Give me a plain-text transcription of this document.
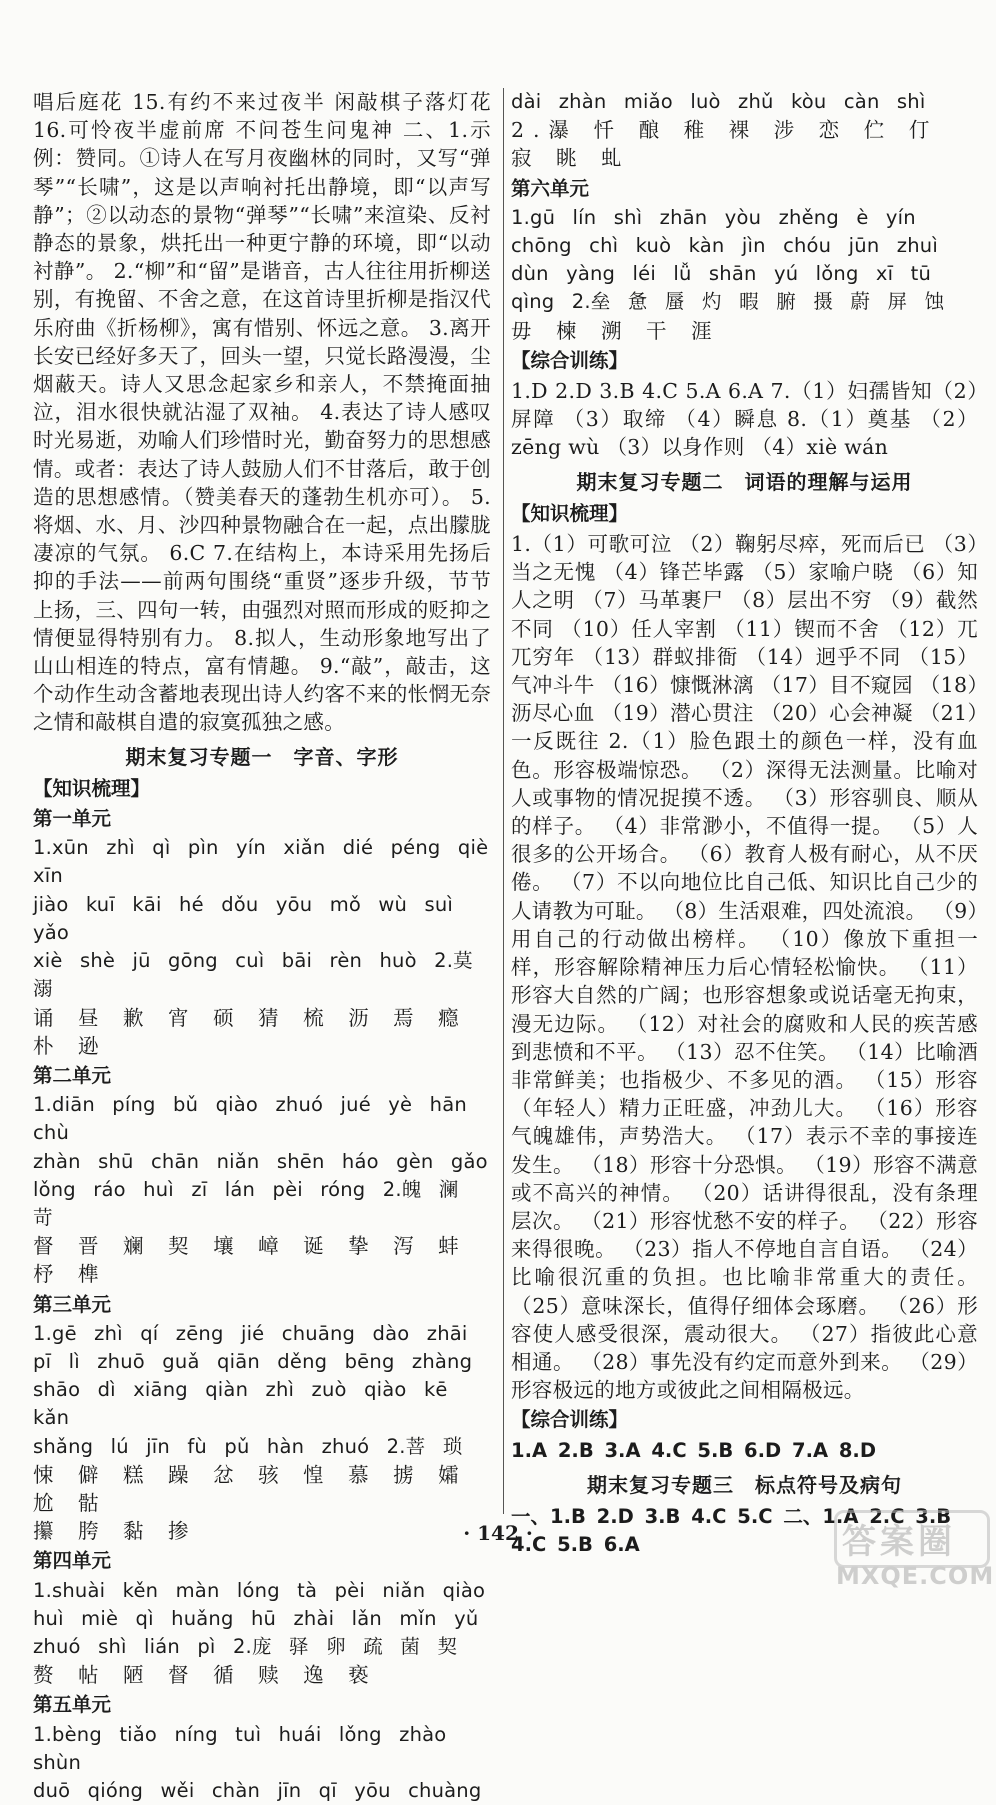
唱后庭花 15.有约不来过夜半 闲敲棋子落灯花 16.可怜夜半虚前席 不问苍生问鬼神 二、1.示例：赞同。①诗人在写月夜幽林的同时，又写“弹琴”“长啸”，这是以声响衬托出静境，即“以声写静”；②以动态的景物“弹琴”“长啸”来渲染、反衬静态的景象，烘托出一种更宁静的环境，即“以动衬静”。 2.“柳”和“留”是谐音，古人往往用折柳送别，有挽留、不舍之意，在这首诗里折柳是指汉代乐府曲《折杨柳》，寓有惜别、怀远之意。 3.离开长安已经好多天了，回头一望，只觉长路漫漫，尘烟蔽天。诗人又思念起家乡和亲人，不禁掩面抽泣，泪水很快就沾湿了双袖。 4.表达了诗人感叹时光易逝，劝喻人们珍惜时光，勤奋努力的思想感情。或者：表达了诗人鼓励人们不甘落后，敢于创造的思想感情。（赞美春天的蓬勃生机亦可）。 5.将烟、水、月、沙四种景物融合在一起，点出朦胧凄凉的气氛。 6.C 7.在结构上，本诗采用先扬后抑的手法——前两句围绕“重贤”逐步升级，节节上扬，三、四句一转，由强烈对照而形成的贬抑之情便显得特别有力。 8.拟人，生动形象地写出了山山相连的特点，富有情趣。 9.“敲”，敲击，这个动作生动含蓄地表现出诗人约客不来的怅惘无奈之情和敲棋自遣的寂寞孤独之感。

期末复习专题一　字音、字形
【知识梳理】
第一单元
1.xūn zhì qì pìn yín xiǎn dié péng qiè xīn
jiào kuī kāi hé dǒu yōu mǒ wù suì yǎo
xiè shè jū gōng cuì bāi rèn huò 2.莫 溺
诵 昼 歉 宵 硕 猜 梳 沥 焉 瘾 朴 逊
第二单元
1.diān píng bǔ qiào zhuó jué yè hān chù
zhàn shū chān niǎn shēn háo gèn gǎo
lǒng ráo huì zī lán pèi róng 2.魄 澜 苛
督 晋 斓 契 壤 嶂 诞 挚 泻 蚌 杼 榫
第三单元
1.gē zhì qí zēng jié chuāng dào zhāi
pī lì zhuō guǎ qiān děng bēng zhàng
shāo dì xiāng qiàn zhì zuò qiào kē kǎn
shǎng lú jīn fù pǔ hàn zhuó 2.菩 琐
悚 僻 糕 躁 忿 骇 惶 慕 掳 孀 尬 骷
攥 胯 黏 掺
第四单元
1.shuài kěn màn lóng tà pèi niǎn qiào
huì miè qì huǎng hū zhài lǎn mǐn yǔ
zhuó shì lián pì 2.庞 驿 卵 疏 菌 契
赘 帖 陋 督 循 赎 逸 亵
第五单元
1.bèng tiǎo níng tuì huái lǒng zhào shùn
duō qióng wěi chàn jīn qī yōu chuàng
dài zhàn miǎo luò zhǔ kòu càn shì
2.瀑 忏 酿 稚 裸 涉 恋 伫 仃 寂 眺 虬
第六单元
1.gū lín shì zhān yòu zhěng è yín
chōng chì kuò kàn jìn chóu jūn zhuì
dùn yàng léi lǚ shān yú lǒng xī tū
qìng 2.垒 惫 蜃 灼 暇 腑 摄 蔚 屏 蚀
毋 楝 溯 干 涯
【综合训练】

1.D 2.D 3.B 4.C 5.A 6.A 7.（1）妇孺皆知（2）屏障 （3）取缔 （4）瞬息 8.（1）奠基 （2）zēng wù （3）以身作则 （4）xiè wán

期末复习专题二　词语的理解与运用
【知识梳理】

1.（1）可歌可泣 （2）鞠躬尽瘁，死而后已 （3）当之无愧 （4）锋芒毕露 （5）家喻户晓 （6）知人之明 （7）马革裹尸 （8）层出不穷 （9）截然不同 （10）任人宰割 （11）锲而不舍 （12）兀兀穷年 （13）群蚁排衙 （14）迥乎不同 （15）气冲斗牛 （16）慷慨淋漓 （17）目不窥园 （18）沥尽心血 （19）潜心贯注 （20）心会神凝 （21）一反既往 2.（1）脸色跟土的颜色一样，没有血色。形容极端惊恐。 （2）深得无法测量。比喻对人或事物的情况捉摸不透。 （3）形容驯良、顺从的样子。 （4）非常渺小，不值得一提。 （5）人很多的公开场合。 （6）教育人极有耐心，从不厌倦。 （7）不以向地位比自己低、知识比自己少的人请教为可耻。 （8）生活艰难，四处流浪。 （9）用自己的行动做出榜样。 （10）像放下重担一样，形容解除精神压力后心情轻松愉快。 （11）形容大自然的广阔；也形容想象或说话毫无拘束，漫无边际。 （12）对社会的腐败和人民的疾苦感到悲愤和不平。 （13）忍不住笑。 （14）比喻酒非常鲜美；也指极少、不多见的酒。 （15）形容（年轻人）精力正旺盛，冲劲儿大。 （16）形容气魄雄伟，声势浩大。 （17）表示不幸的事接连发生。 （18）形容十分恐惧。 （19）形容不满意或不高兴的神情。 （20）话讲得很乱，没有条理层次。 （21）形容忧愁不安的样子。 （22）形容来得很晚。 （23）指人不停地自言自语。 （24）比喻很沉重的负担。也比喻非常重大的责任。 （25）意味深长，值得仔细体会琢磨。 （26）形容使人感受很深，震动很大。 （27）指彼此心意相通。 （28）事先没有约定而意外到来。 （29）形容极远的地方或彼此之间相隔极远。

【综合训练】
1.A 2.B 3.A 4.C 5.B 6.D 7.A 8.D
期末复习专题三　标点符号及病句
一、1.B 2.D 3.B 4.C 5.C 二、1.A 2.C 3.B
4.C 5.B 6.A
· 142 ·	答案圈
MXQE.COM
